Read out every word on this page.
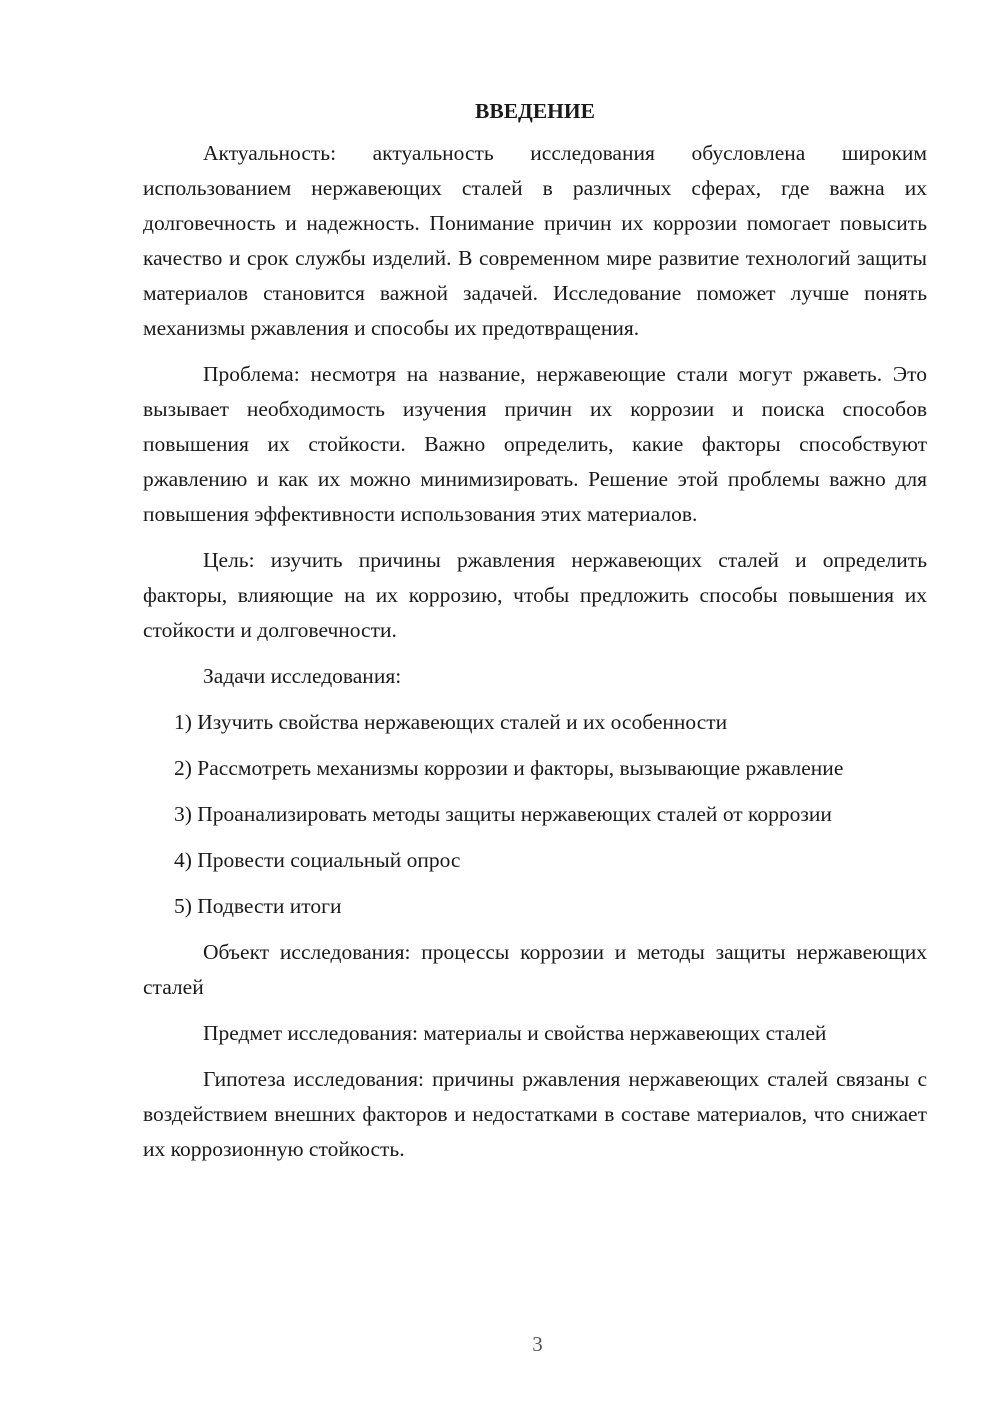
ВВЕДЕНИЕ

Актуальность: актуальность исследования обусловлена широким использованием нержавеющих сталей в различных сферах, где важна их долговечность и надежность. Понимание причин их коррозии помогает повысить качество и срок службы изделий. В современном мире развитие технологий защиты материалов становится важной задачей. Исследование поможет лучше понять механизмы ржавления и способы их предотвращения.

Проблема: несмотря на название, нержавеющие стали могут ржаветь. Это вызывает необходимость изучения причин их коррозии и поиска способов повышения их стойкости. Важно определить, какие факторы способствуют ржавлению и как их можно минимизировать. Решение этой проблемы важно для повышения эффективности использования этих материалов.

Цель: изучить причины ржавления нержавеющих сталей и определить факторы, влияющие на их коррозию, чтобы предложить способы повышения их стойкости и долговечности.

Задачи исследования:

1) Изучить свойства нержавеющих сталей и их особенности

2) Рассмотреть механизмы коррозии и факторы, вызывающие ржавление

3) Проанализировать методы защиты нержавеющих сталей от коррозии

4) Провести социальный опрос

5) Подвести итоги

Объект исследования: процессы коррозии и методы защиты нержавеющих сталей

Предмет исследования: материалы и свойства нержавеющих сталей

Гипотеза исследования: причины ржавления нержавеющих сталей связаны с воздействием внешних факторов и недостатками в составе материалов, что снижает их коррозионную стойкость.

3
